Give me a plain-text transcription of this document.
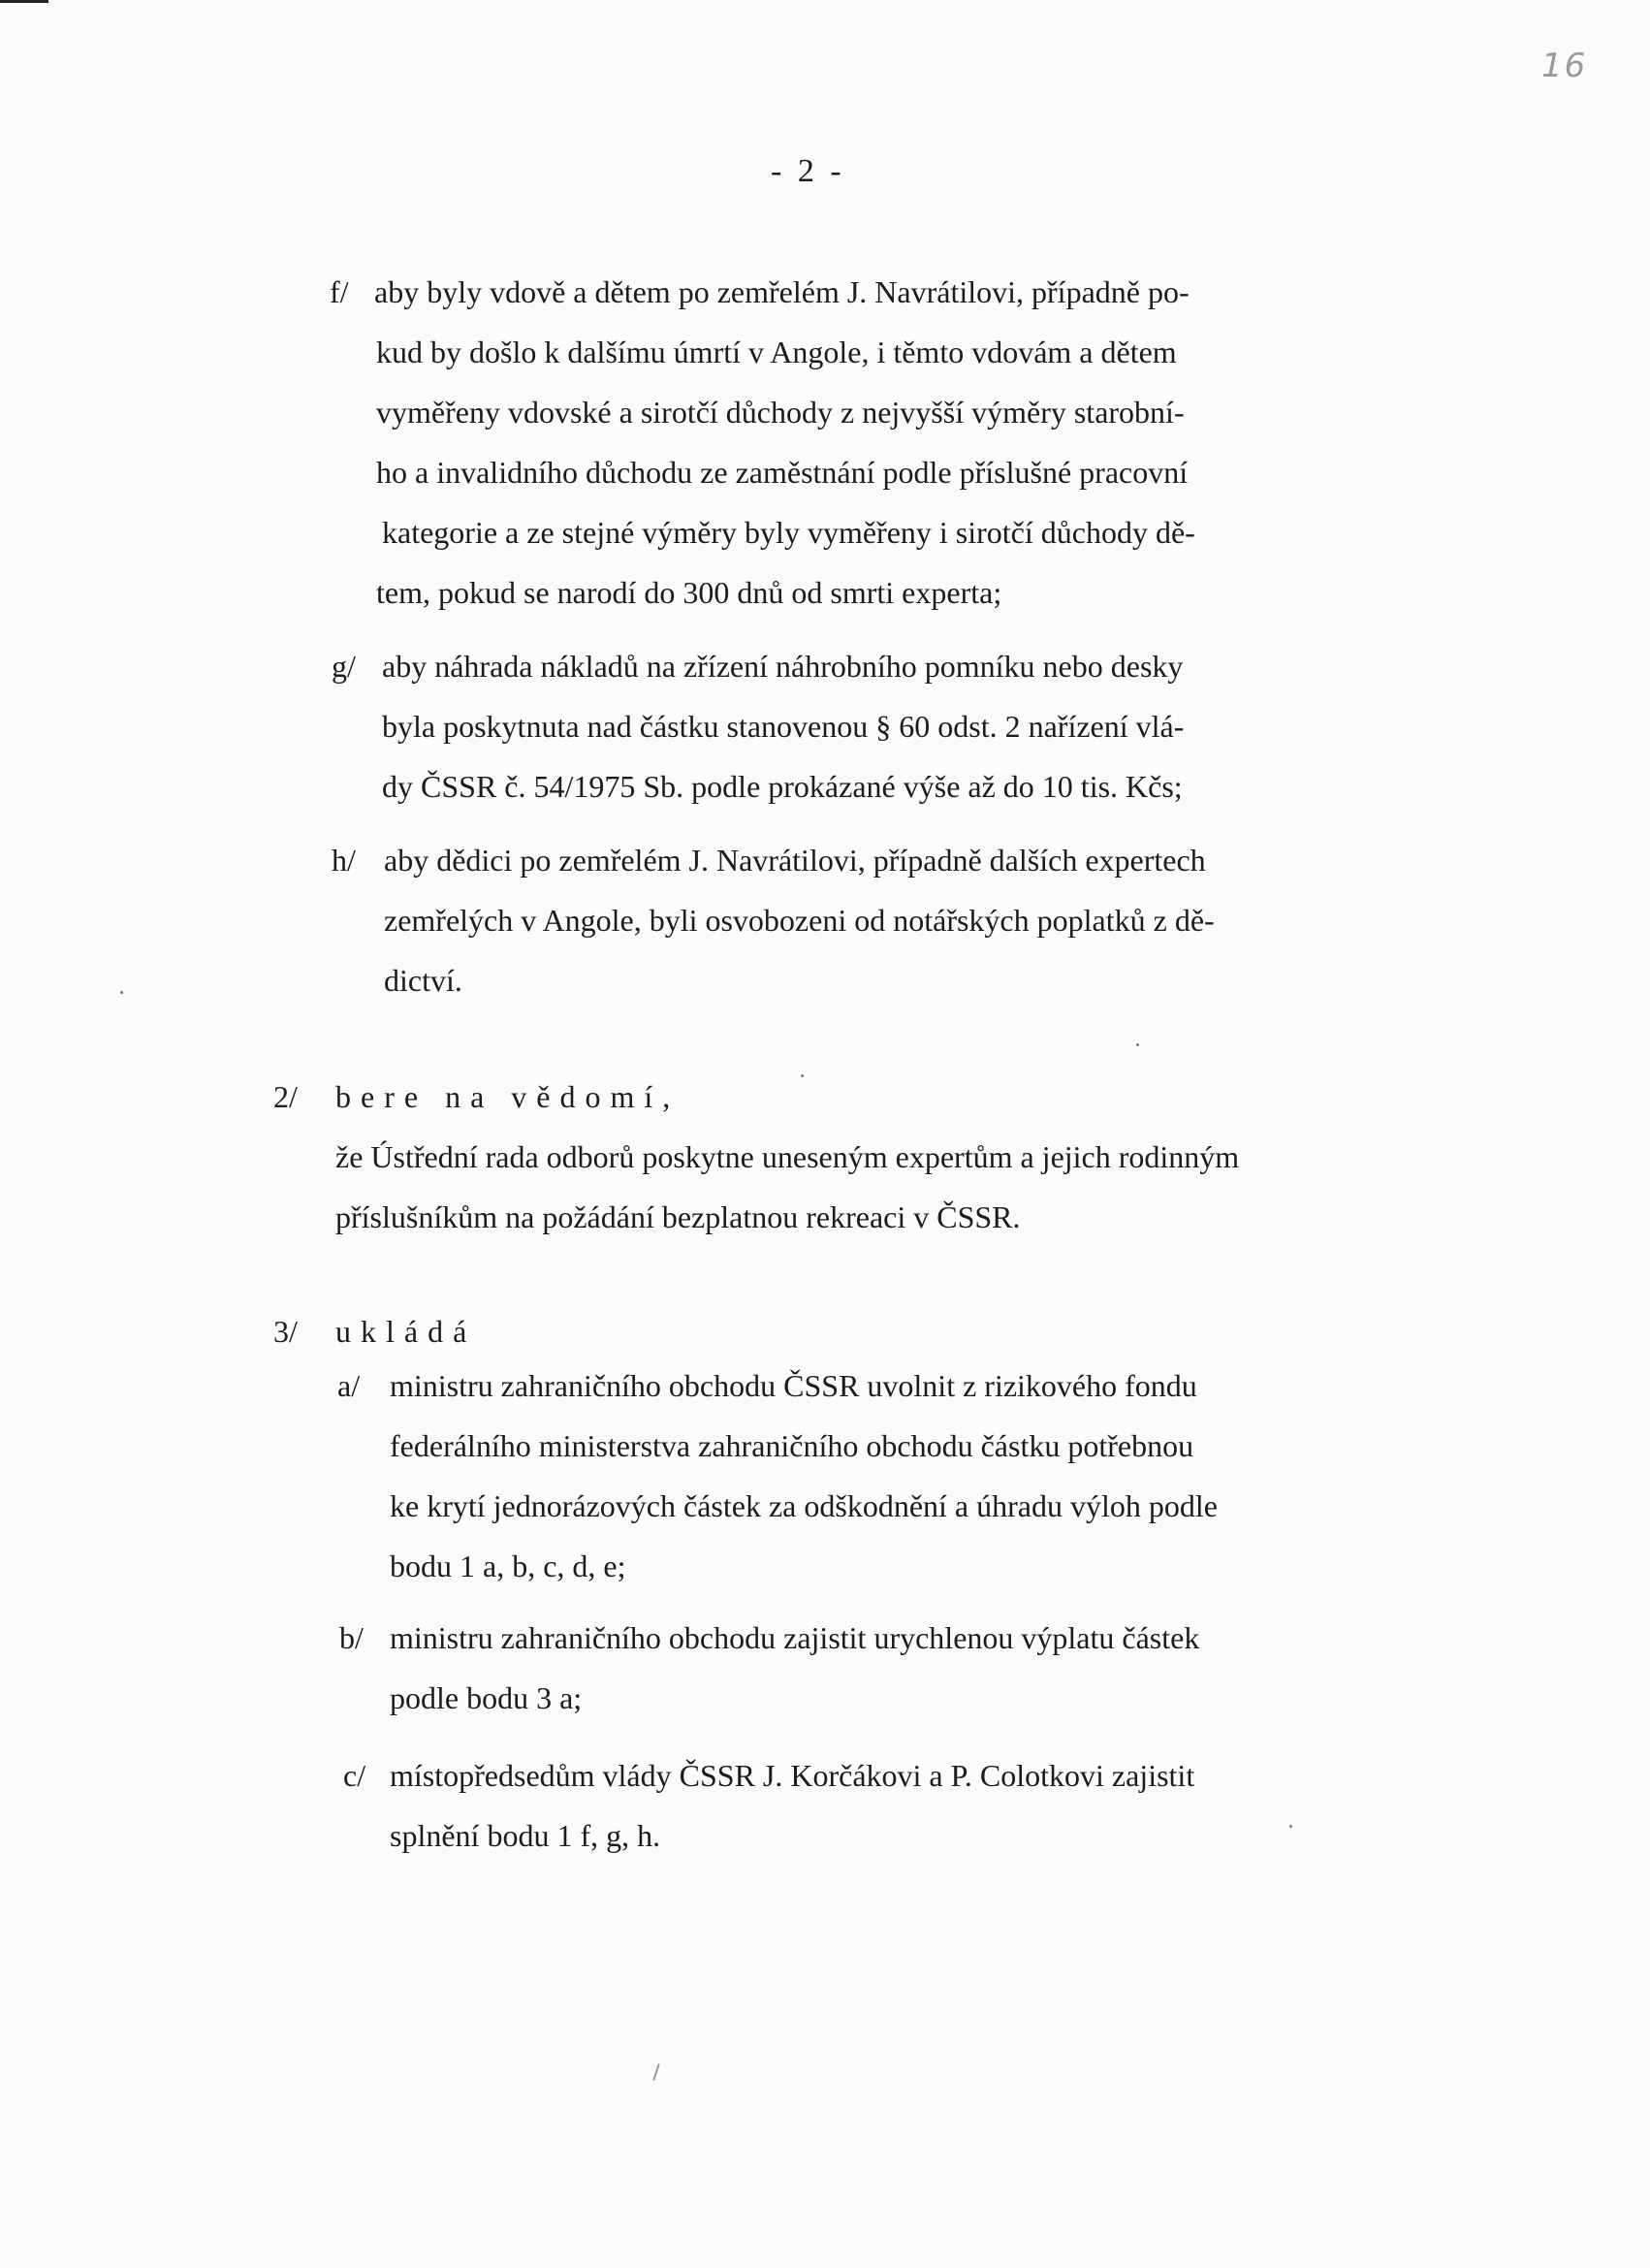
16
- 2 -
f/ aby byly vdově a dětem po zemřelém J. Navrátilovi, případně po-
kud by došlo k dalšímu úmrtí v Angole, i těmto vdovám a dětem
vyměřeny vdovské a sirotčí důchody z nejvyšší výměry starobní-
ho a invalidního důchodu ze zaměstnání podle příslušné pracovní
kategorie a ze stejné výměry byly vyměřeny i sirotčí důchody dě-
tem, pokud se narodí do 300 dnů od smrti experta;
g/ aby náhrada nákladů na zřízení náhrobního pomníku nebo desky
byla poskytnuta nad částku stanovenou § 60 odst. 2 nařízení vlá-
dy ČSSR č. 54/1975 Sb. podle prokázané výše až do 10 tis. Kčs;
h/ aby dědici po zemřelém J. Navrátilovi, případně dalších expertech
zemřelých v Angole, byli osvobozeni od notářských poplatků z dě-
dictví.
2/ bere na vědomí,
že Ústřední rada odborů poskytne uneseným expertům a jejich rodinným
příslušníkům na požádání bezplatnou rekreaci v ČSSR.
3/ ukládá
a/ ministru zahraničního obchodu ČSSR uvolnit z rizikového fondu
federálního ministerstva zahraničního obchodu částku potřebnou
ke krytí jednorázových částek za odškodnění a úhradu výloh podle
bodu 1 a, b, c, d, e;
b/ ministru zahraničního obchodu zajistit urychlenou výplatu částek
podle bodu 3 a;
c/ místopředsedům vlády ČSSR J. Korčákovi a P. Colotkovi zajistit
splnění bodu 1 f, g, h.
